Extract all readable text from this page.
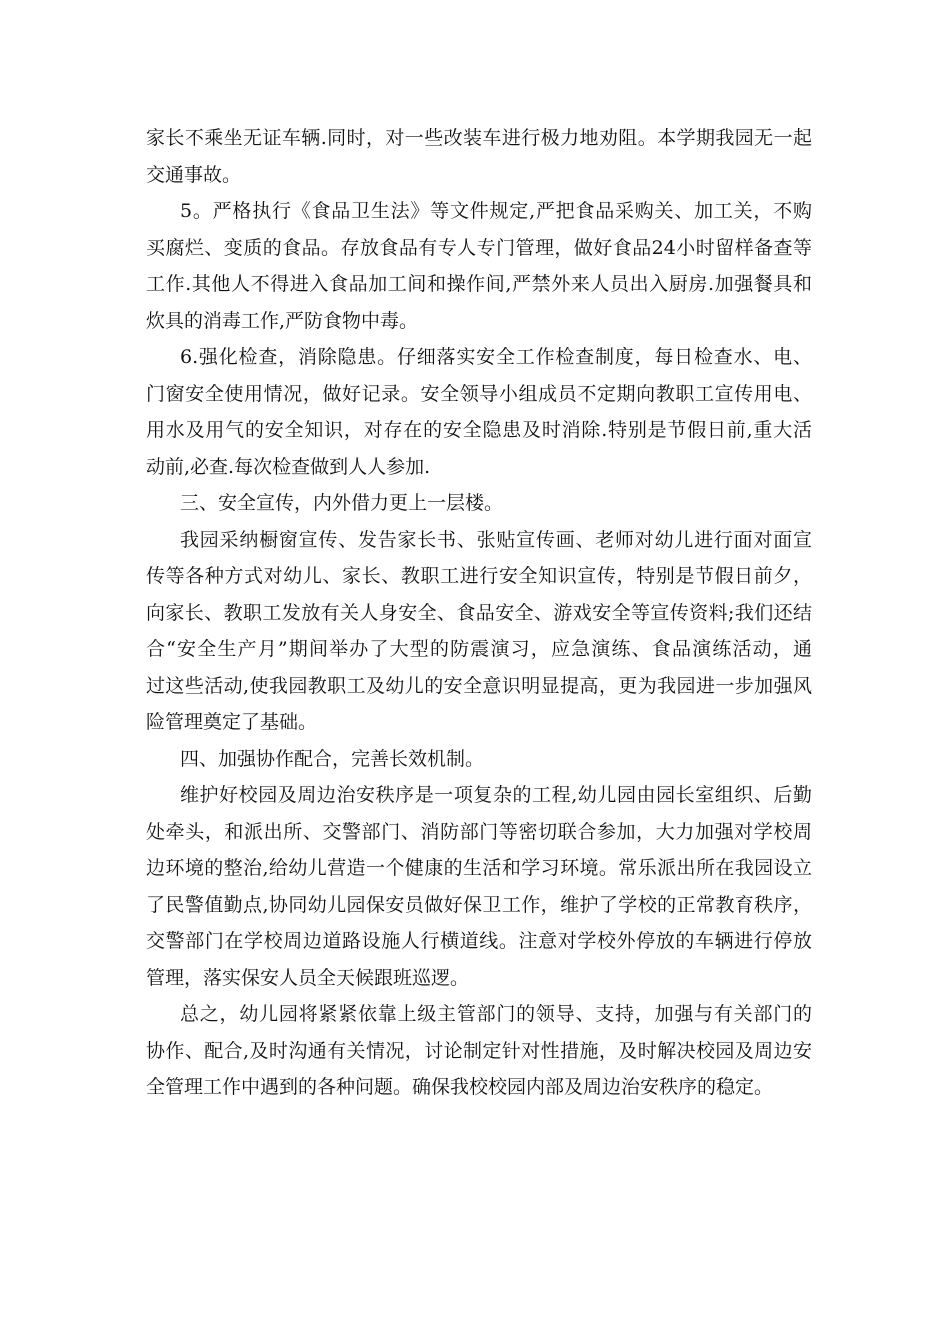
家长不乘坐无证车辆.同时，对一些改装车进行极力地劝阻。本学期我园无一起
交通事故。
5。严格执行《食品卫生法》等文件规定,严把食品采购关、加工关，不购
买腐烂、变质的食品。存放食品有专人专门管理，做好食品24小时留样备查等
工作.其他人不得进入食品加工间和操作间,严禁外来人员出入厨房.加强餐具和
炊具的消毒工作,严防食物中毒。
6.强化检查，消除隐患。仔细落实安全工作检查制度，每日检查水、电、
门窗安全使用情况，做好记录。安全领导小组成员不定期向教职工宣传用电、
用水及用气的安全知识，对存在的安全隐患及时消除.特别是节假日前,重大活
动前,必查.每次检查做到人人参加.
三、安全宣传，内外借力更上一层楼。
我园采纳橱窗宣传、发告家长书、张贴宣传画、老师对幼儿进行面对面宣
传等各种方式对幼儿、家长、教职工进行安全知识宣传，特别是节假日前夕，
向家长、教职工发放有关人身安全、食品安全、游戏安全等宣传资料;我们还结
合“安全生产月”期间举办了大型的防震演习，应急演练、食品演练活动，通
过这些活动,使我园教职工及幼儿的安全意识明显提高，更为我园进一步加强风
险管理奠定了基础。
四、加强协作配合，完善长效机制。
维护好校园及周边治安秩序是一项复杂的工程,幼儿园由园长室组织、后勤
处牵头，和派出所、交警部门、消防部门等密切联合参加，大力加强对学校周
边环境的整治,给幼儿营造一个健康的生活和学习环境。常乐派出所在我园设立
了民警值勤点,协同幼儿园保安员做好保卫工作，维护了学校的正常教育秩序，
交警部门在学校周边道路设施人行横道线。注意对学校外停放的车辆进行停放
管理，落实保安人员全天候跟班巡逻。
总之，幼儿园将紧紧依靠上级主管部门的领导、支持，加强与有关部门的
协作、配合,及时沟通有关情况，讨论制定针对性措施，及时解决校园及周边安
全管理工作中遇到的各种问题。确保我校校园内部及周边治安秩序的稳定。
